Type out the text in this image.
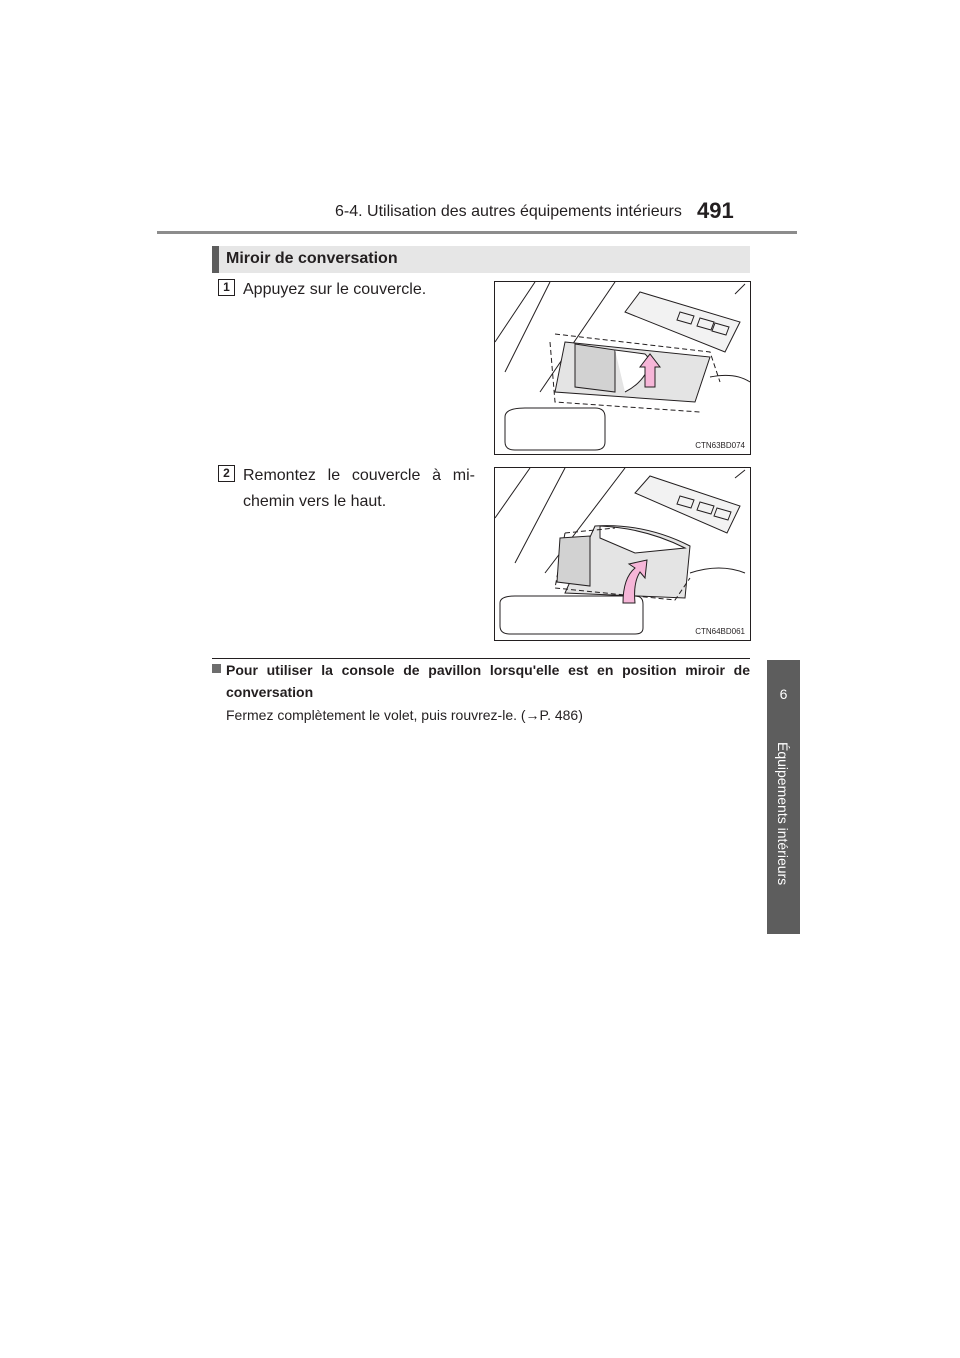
6-4. Utilisation des autres équipements intérieurs 491
6
Équipements intérieurs
Miroir de conversation
1 Appuyez sur le couvercle.
CTN63BD074
2 Remontez le couvercle à mi-chemin vers le haut.
CTN64BD061
Pour utiliser la console de pavillon lorsqu'elle est en position miroir de conversation
Fermez complètement le volet, puis rouvrez-le. (→P. 486)
